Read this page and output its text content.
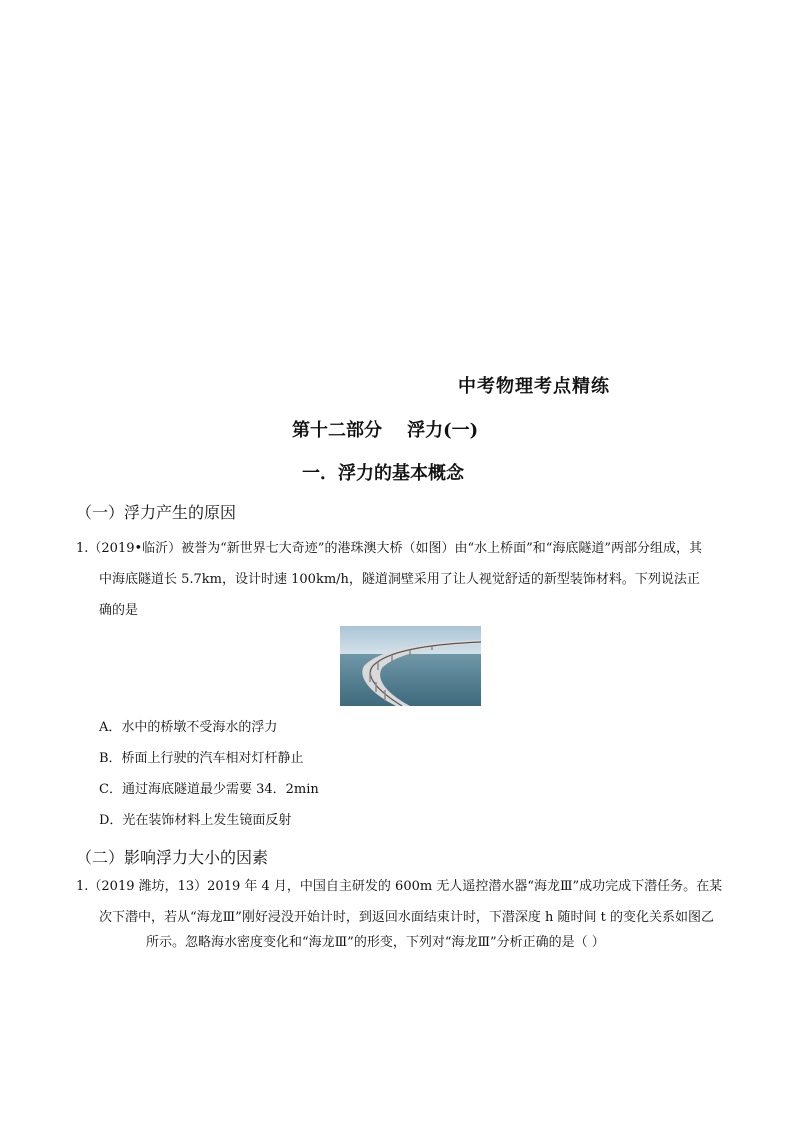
中考物理考点精练
第十二部分    浮力(一)
一．浮力的基本概念
（一）浮力产生的原因
1.（2019•临沂）被誉为“新世界七大奇迹”的港珠澳大桥（如图）由“水上桥面”和“海底隧道”两部分组成，其
中海底隧道长 5.7km，设计时速 100km/h，隧道洞壁采用了让人视觉舒适的新型装饰材料。下列说法正
确的是
A．水中的桥墩不受海水的浮力
B．桥面上行驶的汽车相对灯杆静止
C．通过海底隧道最少需要 34．2min
D．光在装饰材料上发生镜面反射
（二）影响浮力大小的因素
1.（2019 潍坊，13）2019 年 4 月，中国自主研发的 600m 无人遥控潜水器“海龙Ⅲ”成功完成下潜任务。在某
次下潜中，若从“海龙Ⅲ”刚好浸没开始计时，到返回水面结束计时，下潜深度 h 随时间 t 的变化关系如图乙
所示。忽略海水密度变化和“海龙Ⅲ”的形变，下列对“海龙Ⅲ”分析正确的是（ ）
